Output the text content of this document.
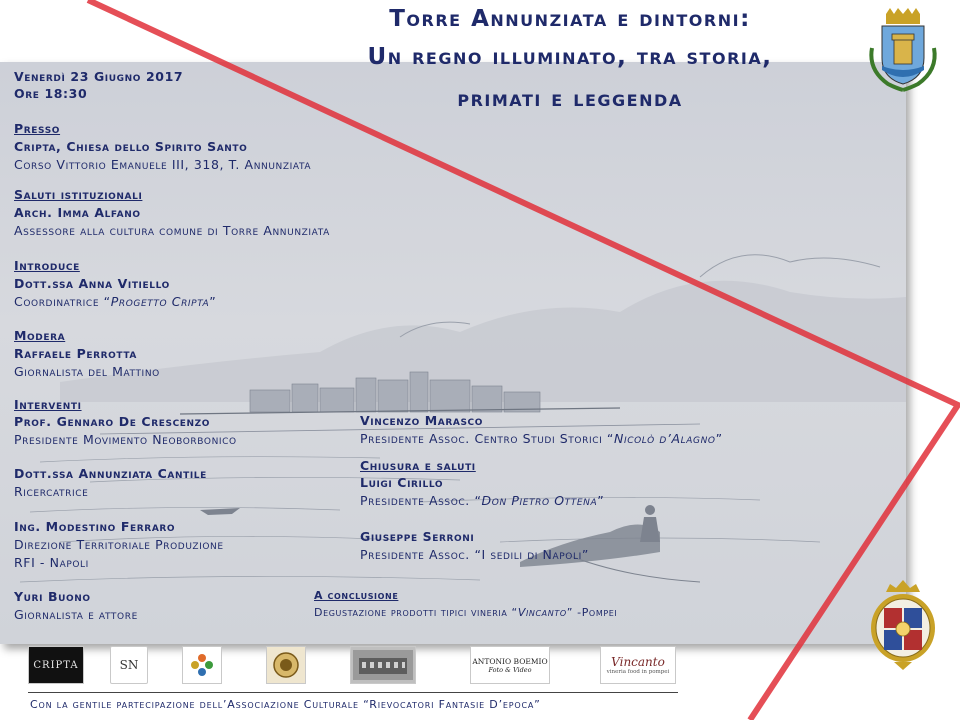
Torre Annunziata e dintorni:
Un regno illuminato, tra storia,
primati e leggenda
Venerdì 23 Giugno 2017
Ore 18:30
Presso
Cripta, Chiesa dello Spirito Santo
Corso Vittorio Emanuele III, 318, T. Annunziata
Saluti istituzionali
Arch. Imma Alfano
Assessore alla cultura comune di Torre Annunziata
Introduce
Dott.ssa Anna Vitiello
Coordinatrice “Progetto Cripta”
Modera
Raffaele Perrotta
Giornalista del Mattino
Interventi
Prof. Gennaro De Crescenzo
Presidente Movimento Neoborbonico
Dott.ssa Annunziata Cantile
Ricercatrice
Ing. Modestino Ferraro
Direzione Territoriale Produzione
RFI - Napoli
Yuri Buono
Giornalista e attore
Vincenzo Marasco
Presidente Assoc. Centro Studi Storici “Nicolò d’Alagno”
Chiusura e saluti
Luigi Cirillo
Presidente Assoc. “Don Pietro Ottena”
Giuseppe Serroni
Presidente Assoc. “I sedili di Napoli”
A conclusione
Degustazione prodotti tipici vineria “Vincanto” -Pompei
CRIPTA	SN	ANTONIO BOEMIO
Foto & Video
Vincanto
vineria food in pompei
Con la gentile partecipazione dell’Associazione Culturale “Rievocatori Fantasie D’epoca”
